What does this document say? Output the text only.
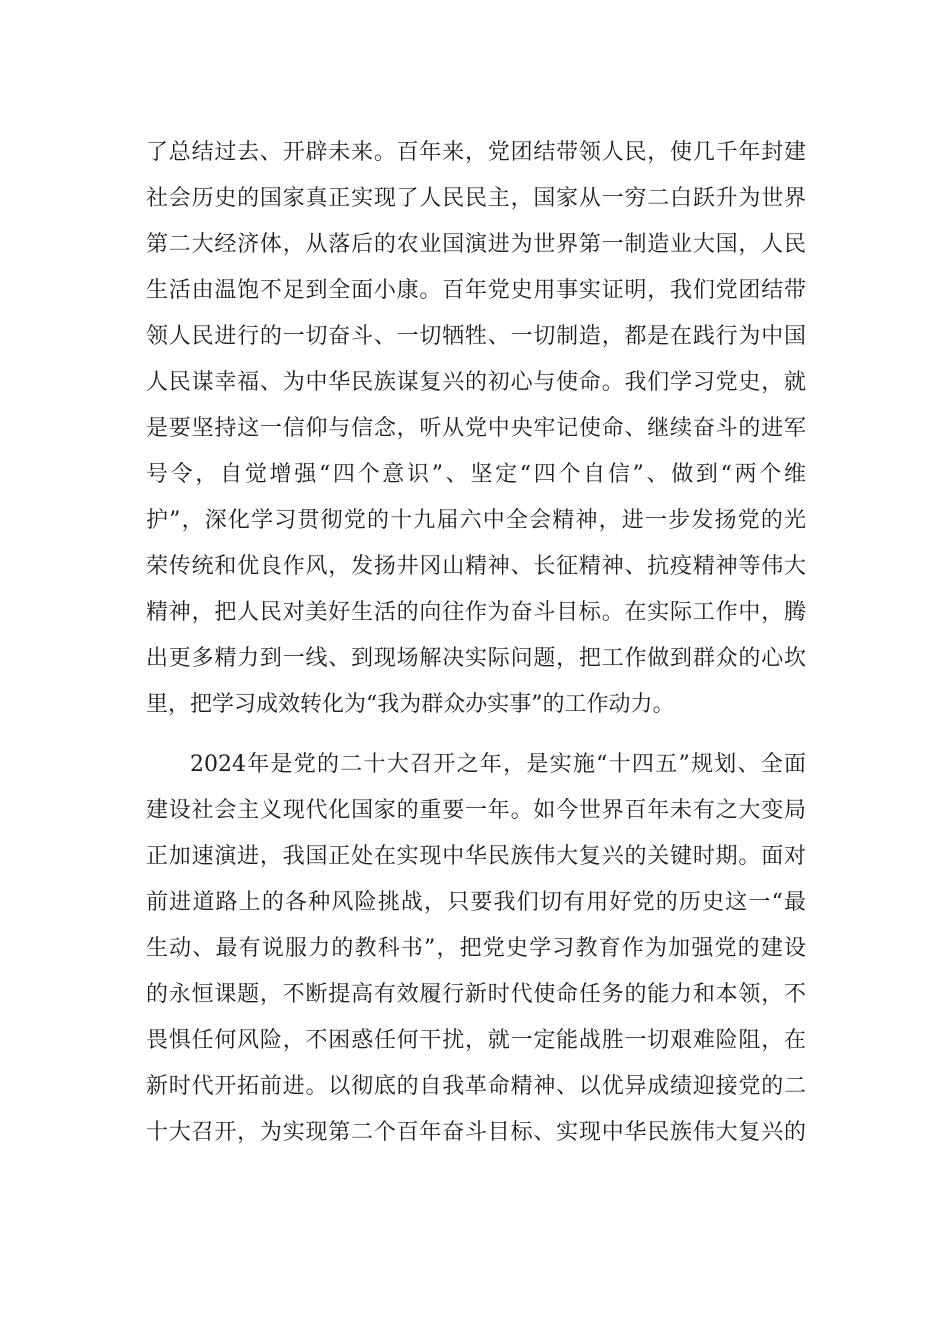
了总结过去、开辟未来。百年来，党团结带领人民，使几千年封建
社会历史的国家真正实现了人民民主，国家从一穷二白跃升为世界
第二大经济体，从落后的农业国演进为世界第一制造业大国，人民
生活由温饱不足到全面小康。百年党史用事实证明，我们党团结带
领人民进行的一切奋斗、一切牺牲、一切制造，都是在践行为中国
人民谋幸福、为中华民族谋复兴的初心与使命。我们学习党史，就
是要坚持这一信仰与信念，听从党中央牢记使命、继续奋斗的进军
号令，自觉增强“四个意识”、坚定“四个自信”、做到“两个维
护”，深化学习贯彻党的十九届六中全会精神，进一步发扬党的光
荣传统和优良作风，发扬井冈山精神、长征精神、抗疫精神等伟大
精神，把人民对美好生活的向往作为奋斗目标。在实际工作中，腾
出更多精力到一线、到现场解决实际问题，把工作做到群众的心坎
里，把学习成效转化为“我为群众办实事”的工作动力。
2024年是党的二十大召开之年，是实施“十四五”规划、全面
建设社会主义现代化国家的重要一年。如今世界百年未有之大变局
正加速演进，我国正处在实现中华民族伟大复兴的关键时期。面对
前进道路上的各种风险挑战，只要我们切有用好党的历史这一“最
生动、最有说服力的教科书”，把党史学习教育作为加强党的建设
的永恒课题，不断提高有效履行新时代使命任务的能力和本领，不
畏惧任何风险，不困惑任何干扰，就一定能战胜一切艰难险阻，在
新时代开拓前进。以彻底的自我革命精神、以优异成绩迎接党的二
十大召开，为实现第二个百年奋斗目标、实现中华民族伟大复兴的
